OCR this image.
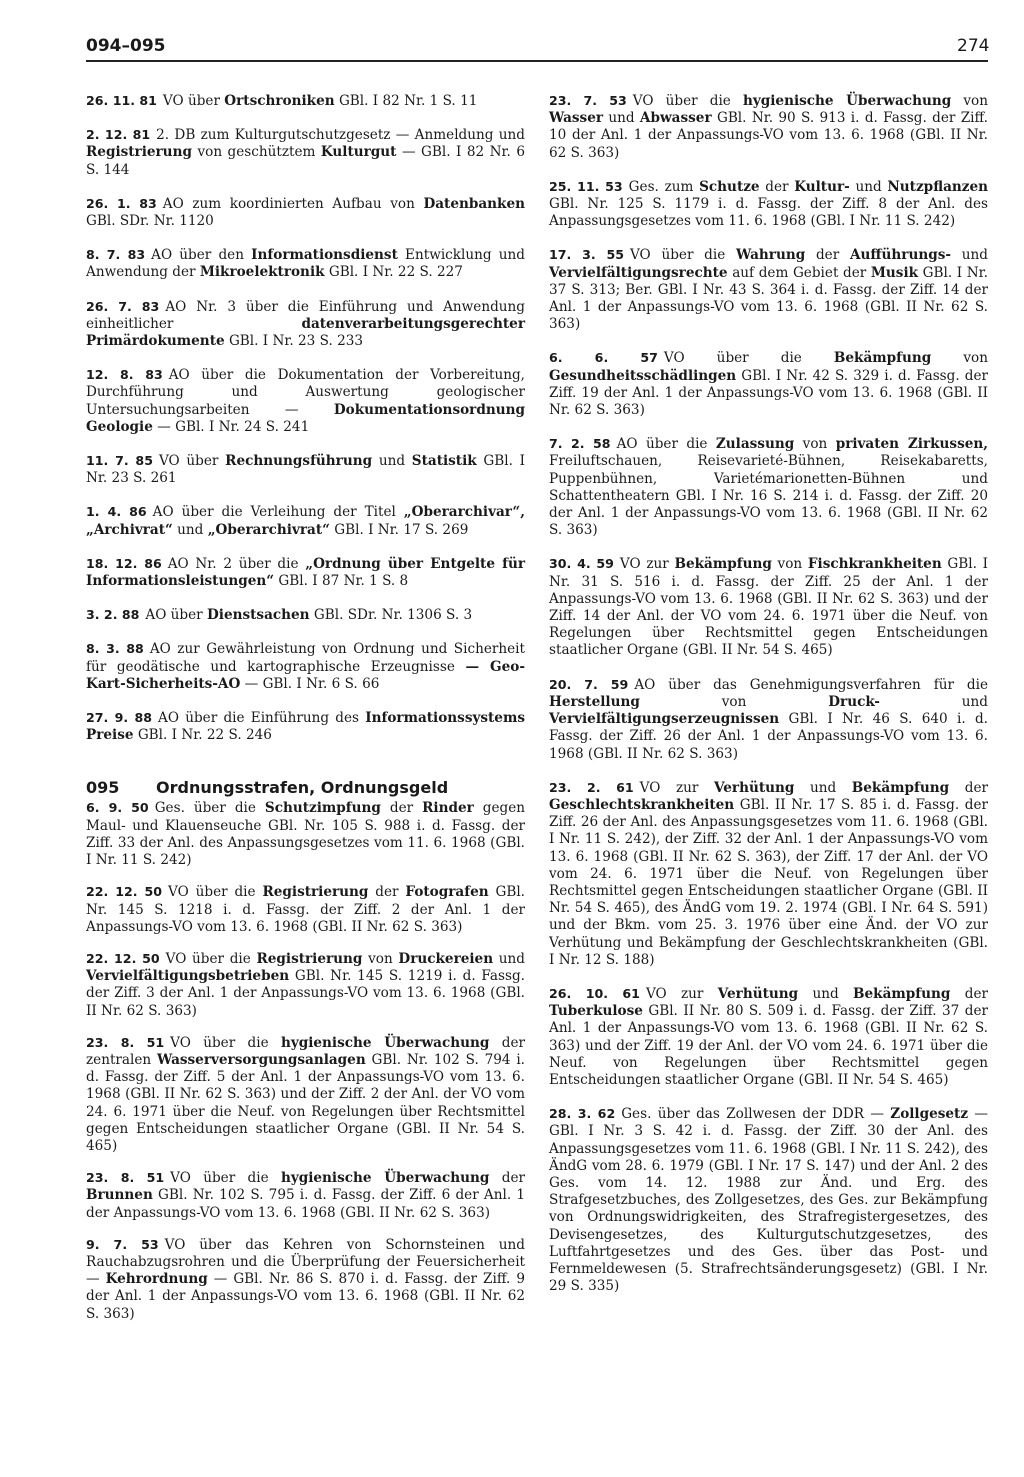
094–095	274
26. 11. 81 VO über Ortschroniken GBl. I 82 Nr. 1 S. 11
2. 12. 81 2. DB zum Kulturgutschutzgesetz — Anmeldung und Registrierung von geschütztem Kulturgut — GBl. I 82 Nr. 6 S. 144
26. 1. 83 AO zum koordinierten Aufbau von Datenbanken GBl. SDr. Nr. 1120
8. 7. 83 AO über den Informationsdienst Entwicklung und Anwendung der Mikroelektronik GBl. I Nr. 22 S. 227
26. 7. 83 AO Nr. 3 über die Einführung und Anwendung einheitlicher datenverarbeitungsgerechter Primärdokumente GBl. I Nr. 23 S. 233
12. 8. 83 AO über die Dokumentation der Vorbereitung, Durchführung und Auswertung geologischer Untersuchungsarbeiten — Dokumentationsordnung Geologie — GBl. I Nr. 24 S. 241
11. 7. 85 VO über Rechnungsführung und Statistik GBl. I Nr. 23 S. 261
1. 4. 86 AO über die Verleihung der Titel „Oberarchivar“, „Archivrat“ und „Oberarchivrat“ GBl. I Nr. 17 S. 269
18. 12. 86 AO Nr. 2 über die „Ordnung über Entgelte für Informationsleistungen“ GBl. I 87 Nr. 1 S. 8
3. 2. 88 AO über Dienstsachen GBl. SDr. Nr. 1306 S. 3
8. 3. 88 AO zur Gewährleistung von Ordnung und Sicherheit für geodätische und kartographische Erzeugnisse — Geo-Kart-Sicherheits-AO — GBl. I Nr. 6 S. 66
27. 9. 88 AO über die Einführung des Informationssystems Preise GBl. I Nr. 22 S. 246
095 Ordnungsstrafen, Ordnungsgeld
6. 9. 50 Ges. über die Schutzimpfung der Rinder gegen Maul- und Klauenseuche GBl. Nr. 105 S. 988 i. d. Fassg. der Ziff. 33 der Anl. des Anpassungsgesetzes vom 11. 6. 1968 (GBl. I Nr. 11 S. 242)
22. 12. 50 VO über die Registrierung der Fotografen GBl. Nr. 145 S. 1218 i. d. Fassg. der Ziff. 2 der Anl. 1 der Anpassungs-VO vom 13. 6. 1968 (GBl. II Nr. 62 S. 363)
22. 12. 50 VO über die Registrierung von Druckereien und Vervielfältigungsbetrieben GBl. Nr. 145 S. 1219 i. d. Fassg. der Ziff. 3 der Anl. 1 der Anpassungs-VO vom 13. 6. 1968 (GBl. II Nr. 62 S. 363)
23. 8. 51 VO über die hygienische Überwachung der zentralen Wasserversorgungsanlagen GBl. Nr. 102 S. 794 i. d. Fassg. der Ziff. 5 der Anl. 1 der Anpassungs-VO vom 13. 6. 1968 (GBl. II Nr. 62 S. 363) und der Ziff. 2 der Anl. der VO vom 24. 6. 1971 über die Neuf. von Regelungen über Rechtsmittel gegen Entscheidungen staatlicher Organe (GBl. II Nr. 54 S. 465)
23. 8. 51 VO über die hygienische Überwachung der Brunnen GBl. Nr. 102 S. 795 i. d. Fassg. der Ziff. 6 der Anl. 1 der Anpassungs-VO vom 13. 6. 1968 (GBl. II Nr. 62 S. 363)
9. 7. 53 VO über das Kehren von Schornsteinen und Rauchabzugsrohren und die Überprüfung der Feuersicherheit — Kehrordnung — GBl. Nr. 86 S. 870 i. d. Fassg. der Ziff. 9 der Anl. 1 der Anpassungs-VO vom 13. 6. 1968 (GBl. II Nr. 62 S. 363)
23. 7. 53 VO über die hygienische Überwachung von Wasser und Abwasser GBl. Nr. 90 S. 913 i. d. Fassg. der Ziff. 10 der Anl. 1 der Anpassungs-VO vom 13. 6. 1968 (GBl. II Nr. 62 S. 363)
25. 11. 53 Ges. zum Schutze der Kultur- und Nutzpflanzen GBl. Nr. 125 S. 1179 i. d. Fassg. der Ziff. 8 der Anl. des Anpassungsgesetzes vom 11. 6. 1968 (GBl. I Nr. 11 S. 242)
17. 3. 55 VO über die Wahrung der Aufführungs- und Vervielfältigungsrechte auf dem Gebiet der Musik GBl. I Nr. 37 S. 313; Ber. GBl. I Nr. 43 S. 364 i. d. Fassg. der Ziff. 14 der Anl. 1 der Anpassungs-VO vom 13. 6. 1968 (GBl. II Nr. 62 S. 363)
6. 6. 57 VO über die Bekämpfung von Gesundheitsschädlingen GBl. I Nr. 42 S. 329 i. d. Fassg. der Ziff. 19 der Anl. 1 der Anpassungs-VO vom 13. 6. 1968 (GBl. II Nr. 62 S. 363)
7. 2. 58 AO über die Zulassung von privaten Zirkussen, Freiluftschauen, Reisevarieté-Bühnen, Reisekabaretts, Puppenbühnen, Varietémarionetten-Bühnen und Schattentheatern GBl. I Nr. 16 S. 214 i. d. Fassg. der Ziff. 20 der Anl. 1 der Anpassungs-VO vom 13. 6. 1968 (GBl. II Nr. 62 S. 363)
30. 4. 59 VO zur Bekämpfung von Fischkrankheiten GBl. I Nr. 31 S. 516 i. d. Fassg. der Ziff. 25 der Anl. 1 der Anpassungs-VO vom 13. 6. 1968 (GBl. II Nr. 62 S. 363) und der Ziff. 14 der Anl. der VO vom 24. 6. 1971 über die Neuf. von Regelungen über Rechtsmittel gegen Entscheidungen staatlicher Organe (GBl. II Nr. 54 S. 465)
20. 7. 59 AO über das Genehmigungsverfahren für die Herstellung von Druck- und Vervielfältigungserzeugnissen GBl. I Nr. 46 S. 640 i. d. Fassg. der Ziff. 26 der Anl. 1 der Anpassungs-VO vom 13. 6. 1968 (GBl. II Nr. 62 S. 363)
23. 2. 61 VO zur Verhütung und Bekämpfung der Geschlechtskrankheiten GBl. II Nr. 17 S. 85 i. d. Fassg. der Ziff. 26 der Anl. des Anpassungsgesetzes vom 11. 6. 1968 (GBl. I Nr. 11 S. 242), der Ziff. 32 der Anl. 1 der Anpassungs-VO vom 13. 6. 1968 (GBl. II Nr. 62 S. 363), der Ziff. 17 der Anl. der VO vom 24. 6. 1971 über die Neuf. von Regelungen über Rechtsmittel gegen Entscheidungen staatlicher Organe (GBl. II Nr. 54 S. 465), des ÄndG vom 19. 2. 1974 (GBl. I Nr. 64 S. 591) und der Bkm. vom 25. 3. 1976 über eine Änd. der VO zur Verhütung und Bekämpfung der Geschlechtskrankheiten (GBl. I Nr. 12 S. 188)
26. 10. 61 VO zur Verhütung und Bekämpfung der Tuberkulose GBl. II Nr. 80 S. 509 i. d. Fassg. der Ziff. 37 der Anl. 1 der Anpassungs-VO vom 13. 6. 1968 (GBl. II Nr. 62 S. 363) und der Ziff. 19 der Anl. der VO vom 24. 6. 1971 über die Neuf. von Regelungen über Rechtsmittel gegen Entscheidungen staatlicher Organe (GBl. II Nr. 54 S. 465)
28. 3. 62 Ges. über das Zollwesen der DDR — Zollgesetz — GBl. I Nr. 3 S. 42 i. d. Fassg. der Ziff. 30 der Anl. des Anpassungsgesetzes vom 11. 6. 1968 (GBl. I Nr. 11 S. 242), des ÄndG vom 28. 6. 1979 (GBl. I Nr. 17 S. 147) und der Anl. 2 des Ges. vom 14. 12. 1988 zur Änd. und Erg. des Strafgesetzbuches, des Zollgesetzes, des Ges. zur Bekämpfung von Ordnungswidrigkeiten, des Strafregistergesetzes, des Devisengesetzes, des Kulturgutschutzgesetzes, des Luftfahrtgesetzes und des Ges. über das Post- und Fernmeldewesen (5. Strafrechtsänderungsgesetz) (GBl. I Nr. 29 S. 335)
